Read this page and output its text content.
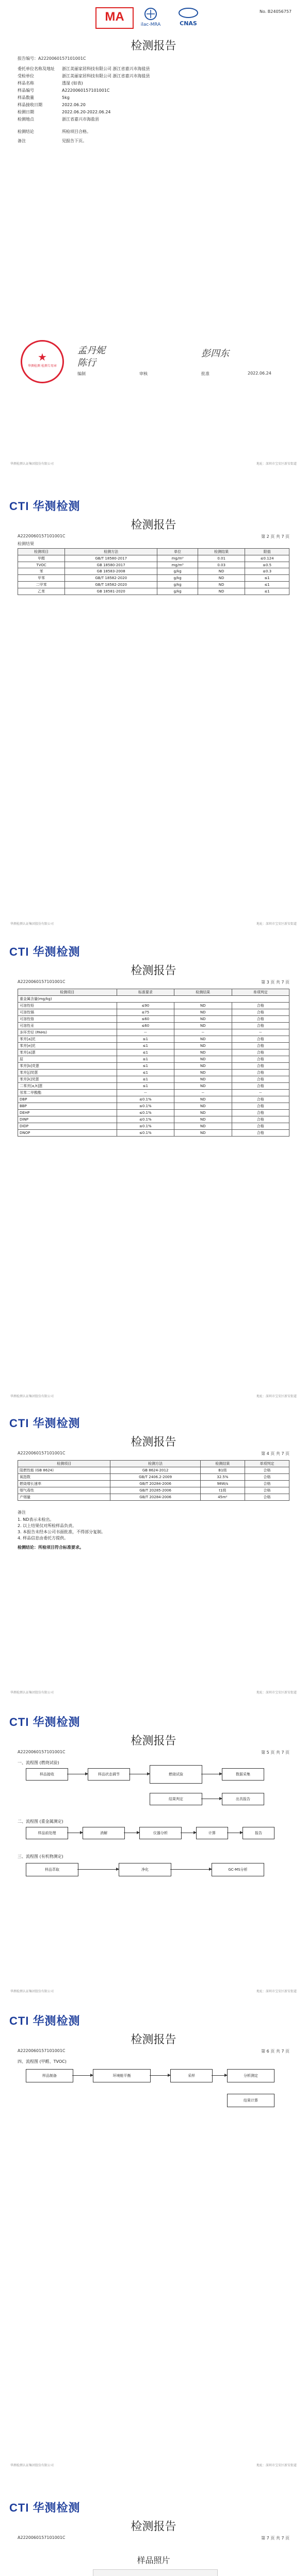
MA
ilac-MRA	CNAS
No. B24056757
检测报告
报告编号：A2220060157101001C
委托单位名称及地址 浙江美丽家居科技有限公司 浙江省嘉兴市海盐县
受检单位	浙江美丽家居科技有限公司 浙江省嘉兴市海盐县
样品名称	透湿 (如表)
样品编号	A2220060157101001C
样品数量	5kg
样品接收日期	2022.06.20
检测日期	2022.06.20-2022.06.24
检测地点	浙江省嘉兴市海盐县
检测结论	所检项目合格。
备注	见报告下页。
★
华测检测 检测专用章
孟丹妮
陈行
彭四东
编制	审核	批准	2022.06.24
华测检测认证集团股份有限公司	地址：深圳市宝安区新安街道
CTI 华测检测
检测报告
A2220060157101001C	第 2 页 共 7 页
检测结果
检测项目	检测方法	单位	检测结果	限值
甲醛	GB/T 18580-2017	mg/m³	0.01	≤0.124
TVOC	GB 18580-2017	mg/m³	0.03	≤0.5
苯	GB 18583-2008	g/kg	ND	≤0.3
甲苯	GB/T 18582-2020	g/kg	ND	≤1
二甲苯	GB/T 18582-2020	g/kg	ND	≤1
乙苯	GB 18581-2020	g/kg	ND	≤1
华测检测认证集团股份有限公司	地址：深圳市宝安区新安街道
CTI 华测检测
检测报告
A2220060157101001C	第 3 页 共 7 页
检测项目	标准要求	检测结果	单项判定
重金属含量(mg/kg)			
可溶性铅	≤90	ND	合格
可溶性镉	≤75	ND	合格
可溶性铬	≤60	ND	合格
可溶性汞	≤60	ND	合格
多环芳烃 (PAHs)	--	--	--
苯并[a]芘	≤1	ND	合格
苯并[e]芘	≤1	ND	合格
苯并[a]蒽	≤1	ND	合格
屈	≤1	ND	合格
苯并[b]荧蒽	≤1	ND	合格
苯并[j]荧蒽	≤1	ND	合格
苯并[k]荧蒽	≤1	ND	合格
二苯并[a,h]蒽	≤1	ND	合格
邻苯二甲酸酯	--	--	--
DBP	≤0.1%	ND	合格
BBP	≤0.1%	ND	合格
DEHP	≤0.1%	ND	合格
DINP	≤0.1%	ND	合格
DIDP	≤0.1%	ND	合格
DNOP	≤0.1%	ND	合格
华测检测认证集团股份有限公司	地址：深圳市宝安区新安街道
CTI 华测检测
检测报告
A2220060157101001C	第 4 页 共 7 页
检测项目	检测方法	检测结果	单项判定
阻燃性能 (GB 8624)	GB 8624-2012	B1级	合格
氧指数	GB/T 2406.2-2009	32.5%	合格
燃烧增长速率	GB/T 20284-2006	98W/s	合格
烟气毒性	GB/T 20285-2006	t1级	合格
产烟量	GB/T 20284-2006	45m²	合格
备注
1. ND表示未检出。
2. 以上结果仅对所检样品负责。
3. 本报告未经本公司书面批准，不得部分复制。
4. 样品信息由委托方提供。
检测结论：所检项目符合标准要求。
华测检测认证集团股份有限公司	地址：深圳市宝安区新安街道
CTI 华测检测
检测报告
A2220060157101001C	第 5 页 共 7 页
一、流程图 (燃烧试验)
样品接收	样品状态调节	燃烧试验	数据采集
结果判定	出具报告
二、流程图 (重金属测定)
样品前处理	消解	仪器分析	计算	报告
三、流程图 (有机物测定)
样品萃取	净化	GC-MS分析
华测检测认证集团股份有限公司	地址：深圳市宝安区新安街道
CTI 华测检测
检测报告
A2220060157101001C	第 6 页 共 7 页
四、流程图 (甲醛、TVOC)
样品制备	环境舱平衡	采样	分析测定
结果计算
华测检测认证集团股份有限公司	地址：深圳市宝安区新安街道
CTI 华测检测
检测报告
A2220060157101001C	第 7 页 共 7 页
样品照片
